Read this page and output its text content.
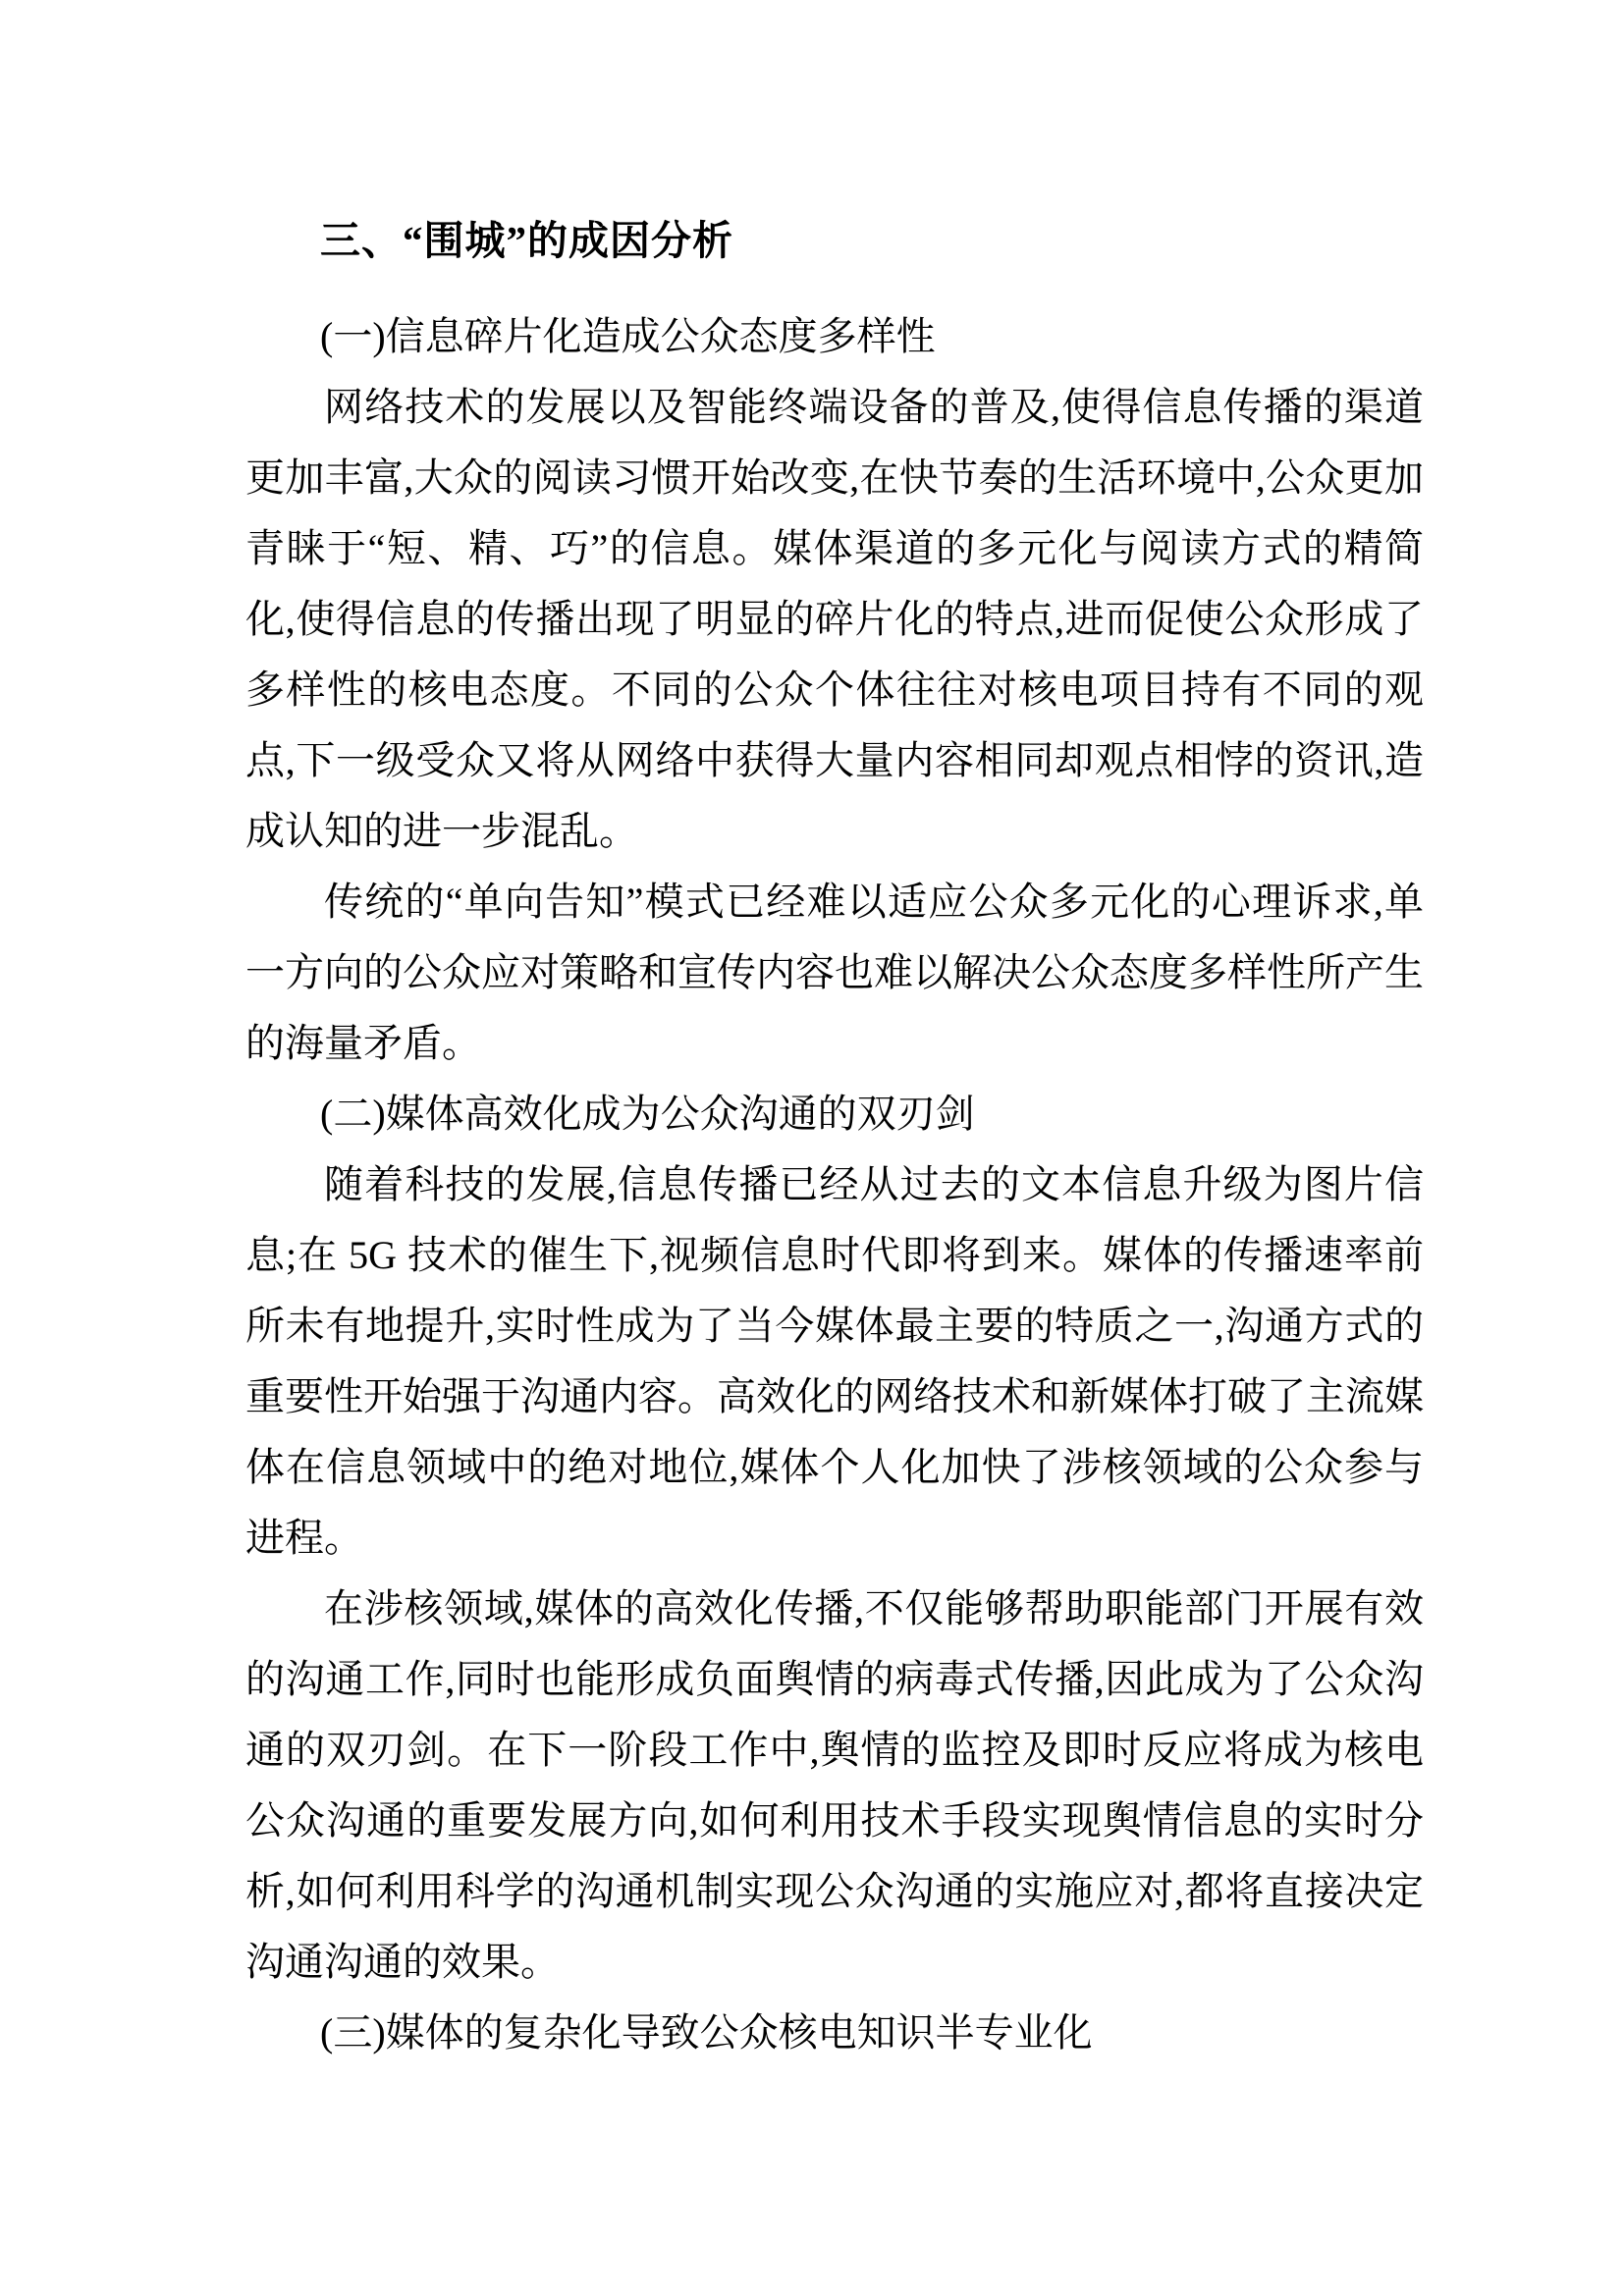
三、“围城”的成因分析
(一)信息碎片化造成公众态度多样性

网络技术的发展以及智能终端设备的普及,使得信息传播的渠道更加丰富,大众的阅读习惯开始改变,在快节奏的生活环境中,公众更加青睐于“短、精、巧”的信息。媒体渠道的多元化与阅读方式的精简化,使得信息的传播出现了明显的碎片化的特点,进而促使公众形成了多样性的核电态度。不同的公众个体往往对核电项目持有不同的观点,下一级受众又将从网络中获得大量内容相同却观点相悖的资讯,造成认知的进一步混乱。

传统的“单向告知”模式已经难以适应公众多元化的心理诉求,单一方向的公众应对策略和宣传内容也难以解决公众态度多样性所产生的海量矛盾。

(二)媒体高效化成为公众沟通的双刃剑

随着科技的发展,信息传播已经从过去的文本信息升级为图片信息;在 5G 技术的催生下,视频信息时代即将到来。媒体的传播速率前所未有地提升,实时性成为了当今媒体最主要的特质之一,沟通方式的重要性开始强于沟通内容。高效化的网络技术和新媒体打破了主流媒体在信息领域中的绝对地位,媒体个人化加快了涉核领域的公众参与进程。

在涉核领域,媒体的高效化传播,不仅能够帮助职能部门开展有效的沟通工作,同时也能形成负面舆情的病毒式传播,因此成为了公众沟通的双刃剑。在下一阶段工作中,舆情的监控及即时反应将成为核电公众沟通的重要发展方向,如何利用技术手段实现舆情信息的实时分析,如何利用科学的沟通机制实现公众沟通的实施应对,都将直接决定沟通沟通的效果。

(三)媒体的复杂化导致公众核电知识半专业化
